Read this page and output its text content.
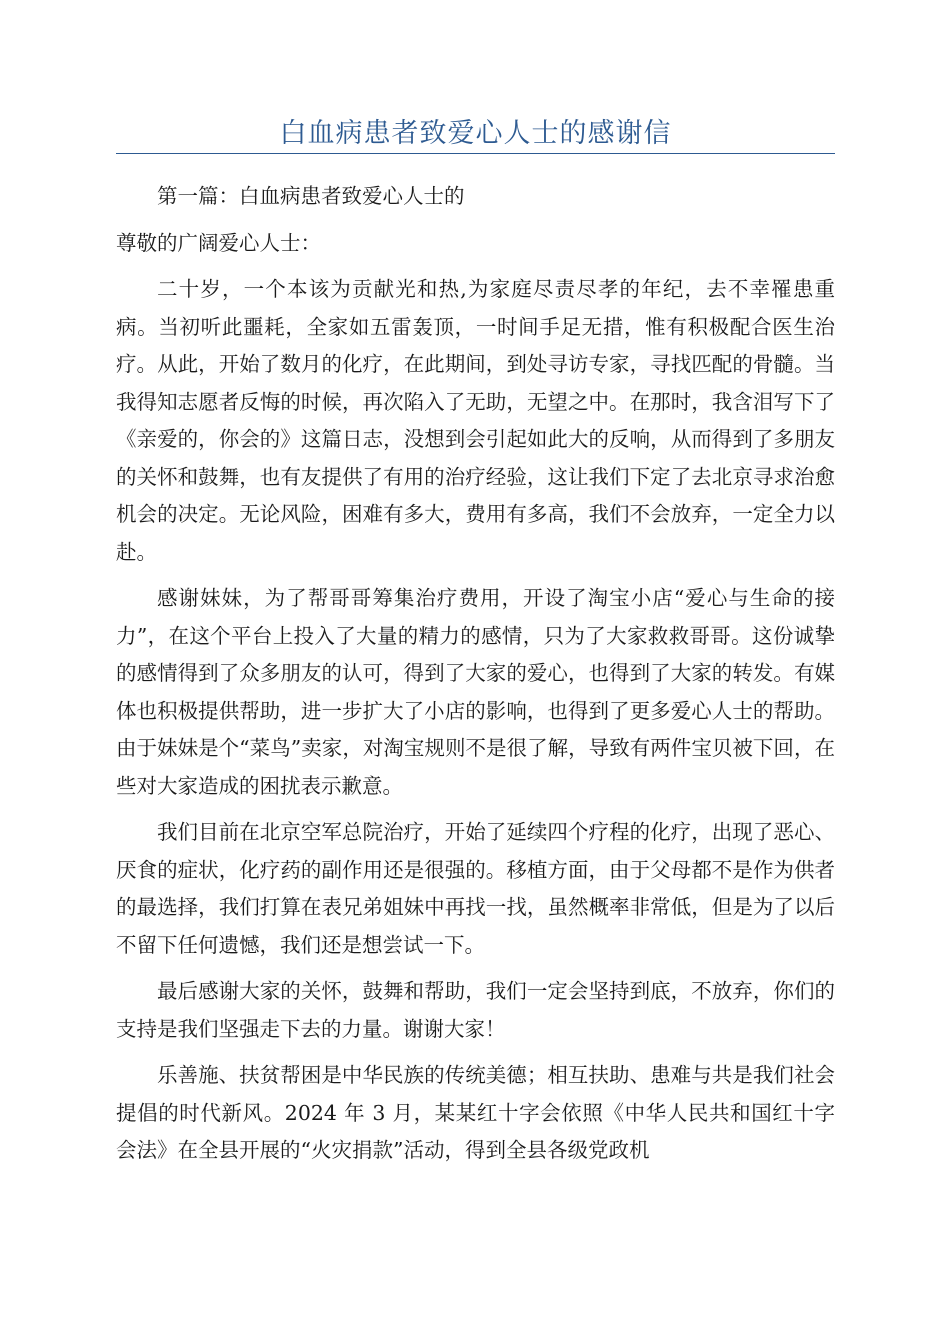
白血病患者致爱心人士的感谢信

第一篇：白血病患者致爱心人士的

尊敬的广阔爱心人士：

二十岁，一个本该为贡献光和热,为家庭尽责尽孝的年纪，去不幸罹患重病。当初听此噩耗，全家如五雷轰顶，一时间手足无措，惟有积极配合医生治疗。从此，开始了数月的化疗，在此期间，到处寻访专家，寻找匹配的骨髓。当我得知志愿者反悔的时候，再次陷入了无助，无望之中。在那时，我含泪写下了《亲爱的，你会的》这篇日志，没想到会引起如此大的反响，从而得到了多朋友的关怀和鼓舞，也有友提供了有用的治疗经验，这让我们下定了去北京寻求治愈机会的决定。无论风险，困难有多大，费用有多高，我们不会放弃，一定全力以赴。

感谢妹妹，为了帮哥哥筹集治疗费用，开设了淘宝小店“爱心与生命的接力”，在这个平台上投入了大量的精力的感情，只为了大家救救哥哥。这份诚挚的感情得到了众多朋友的认可，得到了大家的爱心，也得到了大家的转发。有媒体也积极提供帮助，进一步扩大了小店的影响，也得到了更多爱心人士的帮助。由于妹妹是个“菜鸟”卖家，对淘宝规则不是很了解，导致有两件宝贝被下回，在些对大家造成的困扰表示歉意。

我们目前在北京空军总院治疗，开始了延续四个疗程的化疗，出现了恶心、厌食的症状，化疗药的副作用还是很强的。移植方面，由于父母都不是作为供者的最选择，我们打算在表兄弟姐妹中再找一找，虽然概率非常低，但是为了以后不留下任何遗憾，我们还是想尝试一下。

最后感谢大家的关怀，鼓舞和帮助，我们一定会坚持到底，不放弃，你们的支持是我们坚强走下去的力量。谢谢大家！

乐善施、扶贫帮困是中华民族的传统美德；相互扶助、患难与共是我们社会提倡的时代新风。2024 年 3 月，某某红十字会依照《中华人民共和国红十字会法》在全县开展的“火灾捐款”活动，得到全县各级党政机
